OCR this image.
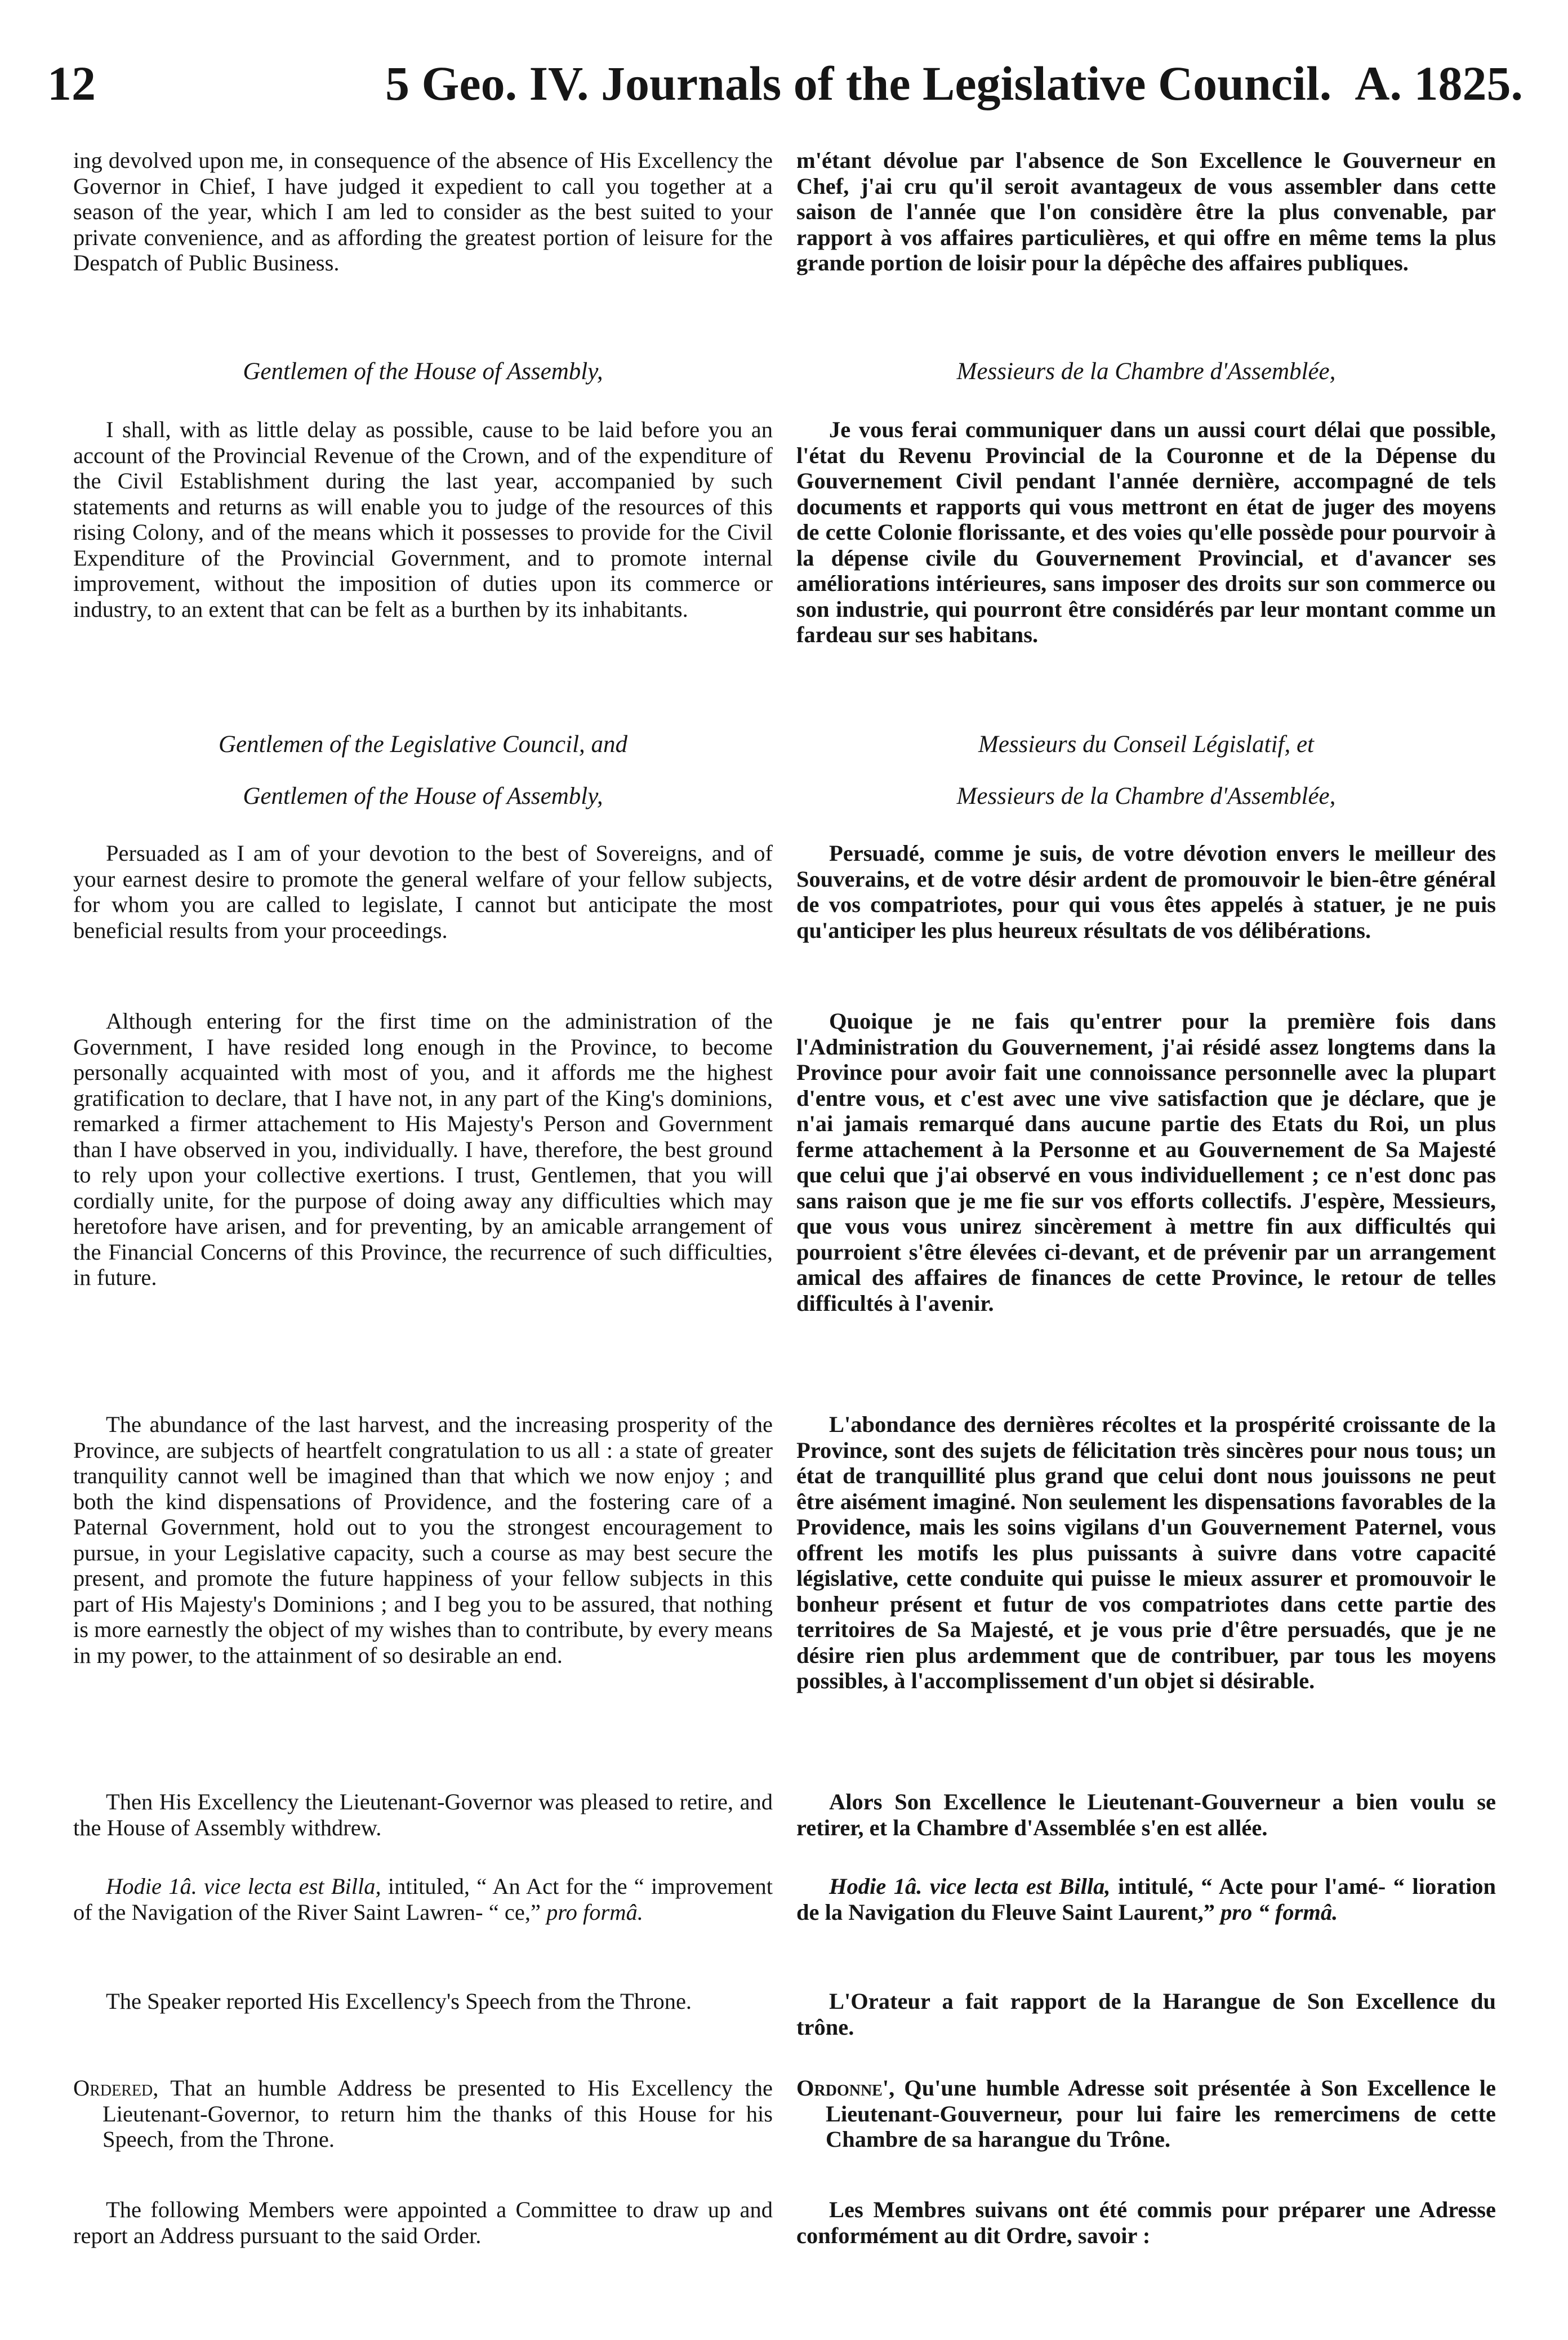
12	5 Geo. IV. Journals of the Legislative Council. A. 1825.

ing devolved upon me, in consequence of the absence of His Excellency the Governor in Chief, I have judged it expedient to call you together at a season of the year, which I am led to consider as the best suited to your private convenience, and as affording the greatest portion of leisure for the Despatch of Public Business.

Gentlemen of the House of Assembly,

I shall, with as little delay as possible, cause to be laid before you an account of the Provincial Revenue of the Crown, and of the expenditure of the Civil Establishment during the last year, accompanied by such statements and returns as will enable you to judge of the resources of this rising Colony, and of the means which it possesses to provide for the Civil Expenditure of the Provincial Government, and to promote internal improvement, without the imposition of duties upon its commerce or industry, to an extent that can be felt as a burthen by its inhabitants.

Gentlemen of the Legislative Council, and

Gentlemen of the House of Assembly,

Persuaded as I am of your devotion to the best of Sovereigns, and of your earnest desire to promote the general welfare of your fellow subjects, for whom you are called to legislate, I cannot but anticipate the most beneficial results from your proceedings.

Although entering for the first time on the administration of the Government, I have resided long enough in the Province, to become personally acquainted with most of you, and it affords me the highest gratification to declare, that I have not, in any part of the King's dominions, remarked a firmer attachement to His Majesty's Person and Government than I have observed in you, individually. I have, therefore, the best ground to rely upon your collective exertions. I trust, Gentlemen, that you will cordially unite, for the purpose of doing away any difficulties which may heretofore have arisen, and for preventing, by an amicable arrangement of the Financial Concerns of this Province, the recurrence of such difficulties, in future.

The abundance of the last harvest, and the increasing prosperity of the Province, are subjects of heartfelt congratulation to us all : a state of greater tranquility cannot well be imagined than that which we now enjoy ; and both the kind dispensations of Providence, and the fostering care of a Paternal Government, hold out to you the strongest encouragement to pursue, in your Legislative capacity, such a course as may best secure the present, and promote the future happiness of your fellow subjects in this part of His Majesty's Dominions ; and I beg you to be assured, that nothing is more earnestly the object of my wishes than to contribute, by every means in my power, to the attainment of so desirable an end.

Then His Excellency the Lieutenant-Governor was pleased to retire, and the House of Assembly withdrew.

Hodie 1â. vice lecta est Billa, intituled, “ An Act for the “ improvement of the Navigation of the River Saint Lawren- “ ce,” pro formâ.

The Speaker reported His Excellency's Speech from the Throne.

Ordered, That an humble Address be presented to His Excellency the Lieutenant-Governor, to return him the thanks of this House for his Speech, from the Throne.

The following Members were appointed a Committee to draw up and report an Address pursuant to the said Order.

m'étant dévolue par l'absence de Son Excellence le Gouverneur en Chef, j'ai cru qu'il seroit avantageux de vous assembler dans cette saison de l'année que l'on considère être la plus convenable, par rapport à vos affaires particulières, et qui offre en même tems la plus grande portion de loisir pour la dépêche des affaires publiques.

Messieurs de la Chambre d'Assemblée,

Je vous ferai communiquer dans un aussi court délai que possible, l'état du Revenu Provincial de la Couronne et de la Dépense du Gouvernement Civil pendant l'année dernière, accompagné de tels documents et rapports qui vous mettront en état de juger des moyens de cette Colonie florissante, et des voies qu'elle possède pour pourvoir à la dépense civile du Gouvernement Provincial, et d'avancer ses améliorations intérieures, sans imposer des droits sur son commerce ou son industrie, qui pourront être considérés par leur montant comme un fardeau sur ses habitans.

Messieurs du Conseil Législatif, et

Messieurs de la Chambre d'Assemblée,

Persuadé, comme je suis, de votre dévotion envers le meilleur des Souverains, et de votre désir ardent de promouvoir le bien-être général de vos compatriotes, pour qui vous êtes appelés à statuer, je ne puis qu'anticiper les plus heureux résultats de vos délibérations.

Quoique je ne fais qu'entrer pour la première fois dans l'Administration du Gouvernement, j'ai résidé assez longtems dans la Province pour avoir fait une connoissance personnelle avec la plupart d'entre vous, et c'est avec une vive satisfaction que je déclare, que je n'ai jamais remarqué dans aucune partie des Etats du Roi, un plus ferme attachement à la Personne et au Gouvernement de Sa Majesté que celui que j'ai observé en vous individuellement ; ce n'est donc pas sans raison que je me fie sur vos efforts collectifs. J'espère, Messieurs, que vous vous unirez sincèrement à mettre fin aux difficultés qui pourroient s'être élevées ci-devant, et de prévenir par un arrangement amical des affaires de finances de cette Province, le retour de telles difficultés à l'avenir.

L'abondance des dernières récoltes et la prospérité croissante de la Province, sont des sujets de félicitation très sincères pour nous tous; un état de tranquillité plus grand que celui dont nous jouissons ne peut être aisément imaginé. Non seulement les dispensations favorables de la Providence, mais les soins vigilans d'un Gouvernement Paternel, vous offrent les motifs les plus puissants à suivre dans votre capacité législative, cette conduite qui puisse le mieux assurer et promouvoir le bonheur présent et futur de vos compatriotes dans cette partie des territoires de Sa Majesté, et je vous prie d'être persuadés, que je ne désire rien plus ardemment que de contribuer, par tous les moyens possibles, à l'accomplissement d'un objet si désirable.

Alors Son Excellence le Lieutenant-Gouverneur a bien voulu se retirer, et la Chambre d'Assemblée s'en est allée.

Hodie 1â. vice lecta est Billa, intitulé, “ Acte pour l'amé- “ lioration de la Navigation du Fleuve Saint Laurent,” pro “ formâ.

L'Orateur a fait rapport de la Harangue de Son Excellence du trône.

Ordonne', Qu'une humble Adresse soit présentée à Son Excellence le Lieutenant-Gouverneur, pour lui faire les remercimens de cette Chambre de sa harangue du Trône.

Les Membres suivans ont été commis pour préparer une Adresse conformément au dit Ordre, savoir :
